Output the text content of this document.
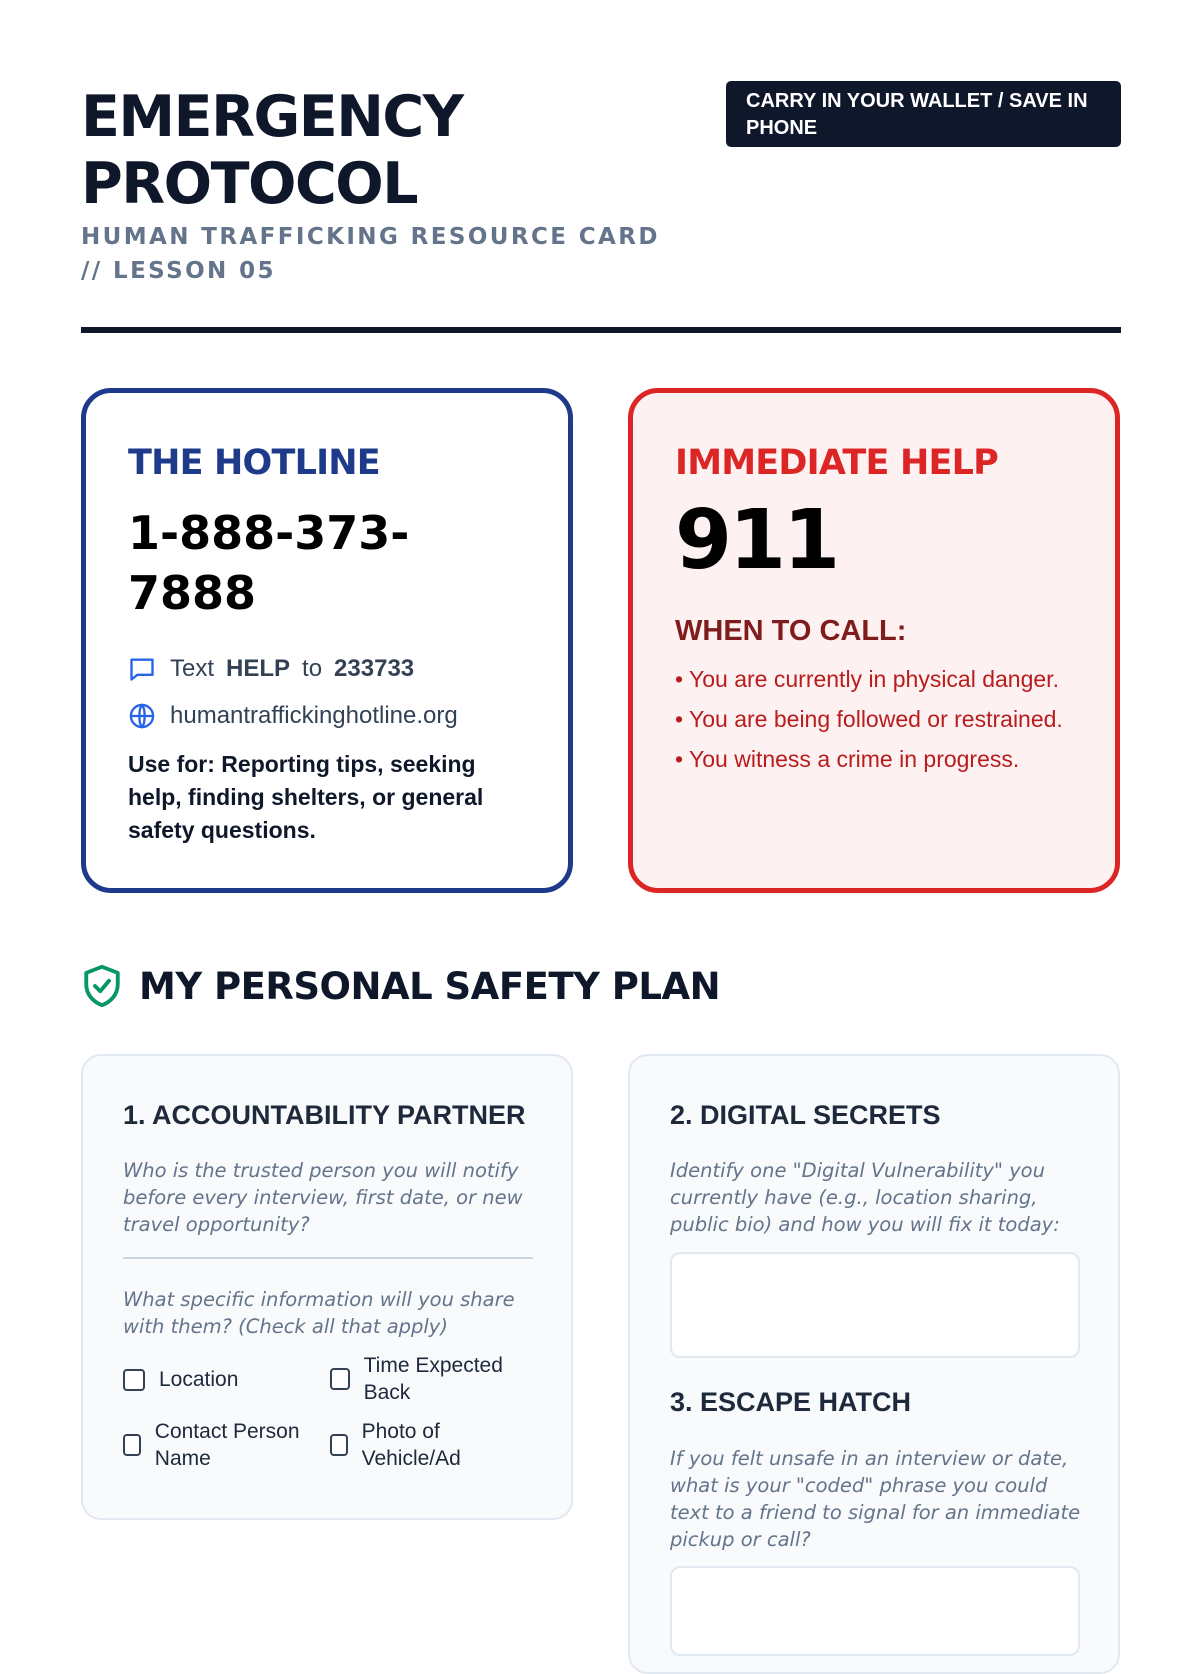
EMERGENCY
PROTOCOL
HUMAN TRAFFICKING RESOURCE CARD // LESSON 05
CARRY IN YOUR WALLET / SAVE IN PHONE
THE HOTLINE
1-888-373-7888
Text HELP to 233733
humantraffickinghotline.org
Use for: Reporting tips, seeking help, finding shelters, or general safety questions.
IMMEDIATE HELP
911
WHEN TO CALL:
• You are currently in physical danger.
• You are being followed or restrained.
• You witness a crime in progress.
MY PERSONAL SAFETY PLAN
1. ACCOUNTABILITY PARTNER
Who is the trusted person you will notify before every interview, first date, or new travel opportunity?
What specific information will you share with them? (Check all that apply)
Location
Time Expected Back
Contact Person Name
Photo of Vehicle/Ad
2. DIGITAL SECRETS
Identify one "Digital Vulnerability" you currently have (e.g., location sharing, public bio) and how you will fix it today:
3. ESCAPE HATCH
If you felt unsafe in an interview or date, what is your "coded" phrase you could text to a friend to signal for an immediate pickup or call?
